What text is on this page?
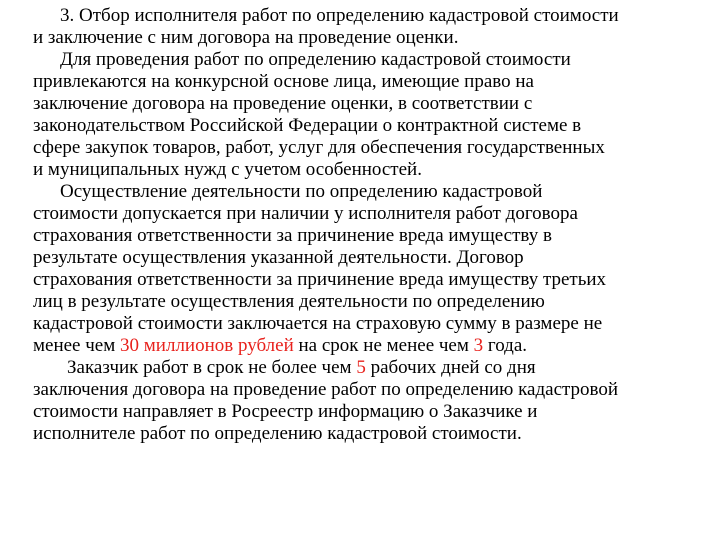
3. Отбор исполнителя работ по определению кадастровой стоимости
и заключение с ним договора на проведение оценки.
Для проведения работ по определению кадастровой стоимости
привлекаются на конкурсной основе лица, имеющие право на
заключение договора на проведение оценки, в соответствии с
законодательством Российской Федерации о контрактной системе в
сфере закупок товаров, работ, услуг для обеспечения государственных
и муниципальных нужд с учетом особенностей.
Осуществление деятельности по определению кадастровой
стоимости допускается при наличии у исполнителя работ договора
страхования ответственности за причинение вреда имуществу в
результате осуществления указанной деятельности. Договор
страхования ответственности за причинение вреда имуществу третьих
лиц в результате осуществления деятельности по определению
кадастровой стоимости заключается на страховую сумму в размере не
менее чем 30 миллионов рублей на срок не менее чем 3 года.
Заказчик работ в срок не более чем 5 рабочих дней со дня
заключения договора на проведение работ по определению кадастровой
стоимости направляет в Росреестр информацию о Заказчике и
исполнителе работ по определению кадастровой стоимости.
